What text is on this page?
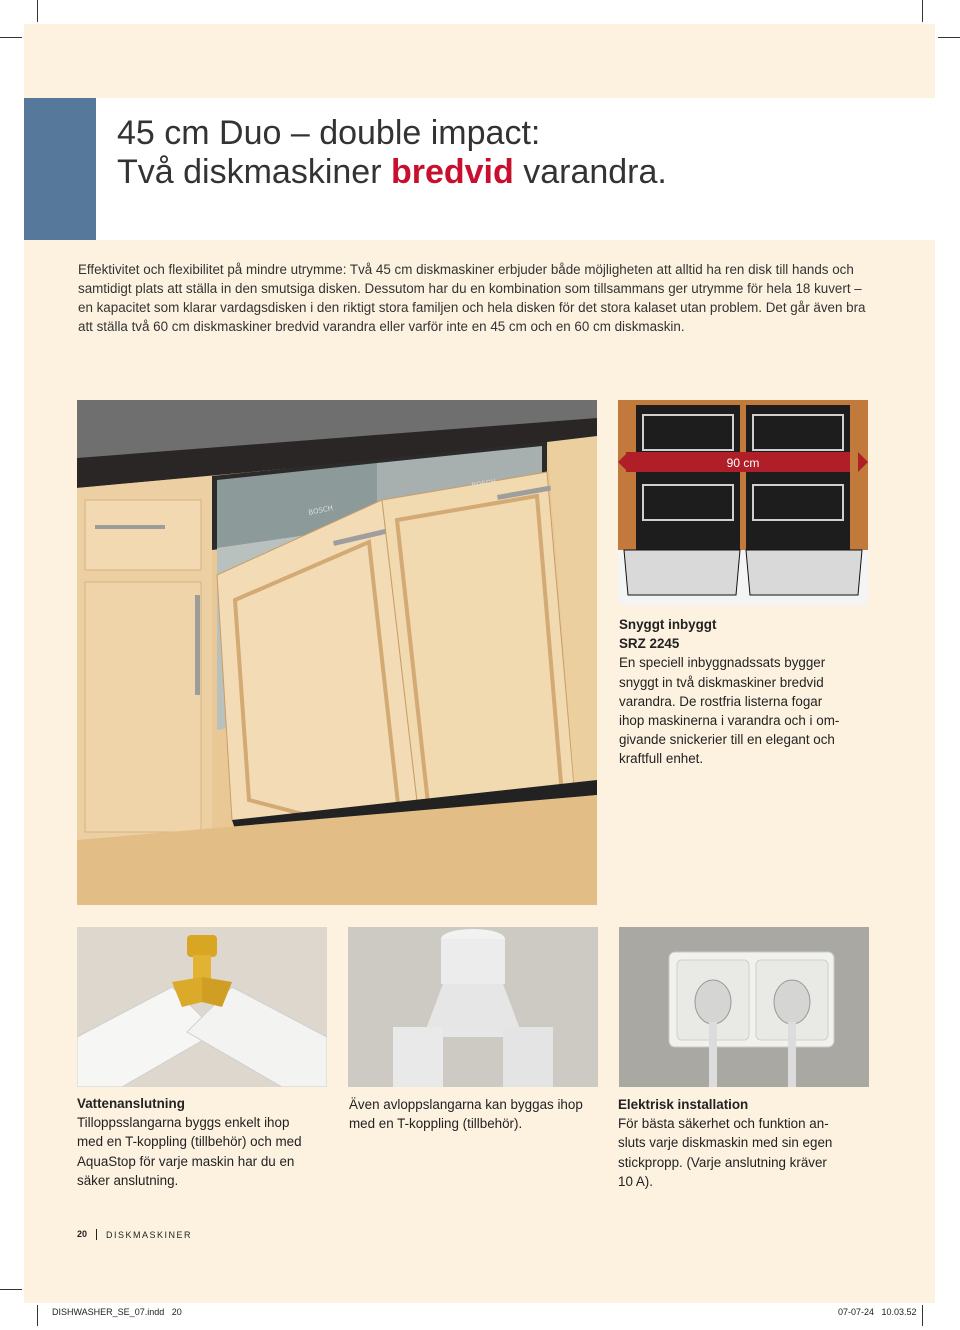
45 cm Duo – double impact:
Två diskmaskiner bredvid varandra.

Effektivitet och flexibilitet på mindre utrymme: Två 45 cm diskmaskiner erbjuder både möjligheten att alltid ha ren disk till hands och samtidigt plats att ställa in den smutsiga disken. Dessutom har du en kombination som tillsammans ger utrymme för hela 18 kuvert – en kapacitet som klarar vardagsdisken i den riktigt stora familjen och hela disken för det stora kalaset utan problem. Det går även bra att ställa två 60 cm diskmaskiner bredvid varandra eller varför inte en 45 cm och en 60 cm diskmaskin.

BOSCH
BOSCH
90 cm
Snyggt inbyggt
SRZ 2245
En speciell inbyggnadssats bygger
snyggt in två diskmaskiner bredvid
varandra. De rostfria listerna fogar
ihop maskinerna i varandra och i om-
givande snickerier till en elegant och
kraftfull enhet.
Vattenanslutning
Tilloppsslangarna byggs enkelt ihop
med en T-koppling (tillbehör) och med
AquaStop för varje maskin har du en
säker anslutning.
Även avloppslangarna kan byggas ihop
med en T-koppling (tillbehör).
Elektrisk installation
För bästa säkerhet och funktion an-
sluts varje diskmaskin med sin egen
stickpropp. (Varje anslutning kräver
10 A).
20 DISKMASKINER
DISHWASHER_SE_07.indd   20	07-07-24   10.03.52
